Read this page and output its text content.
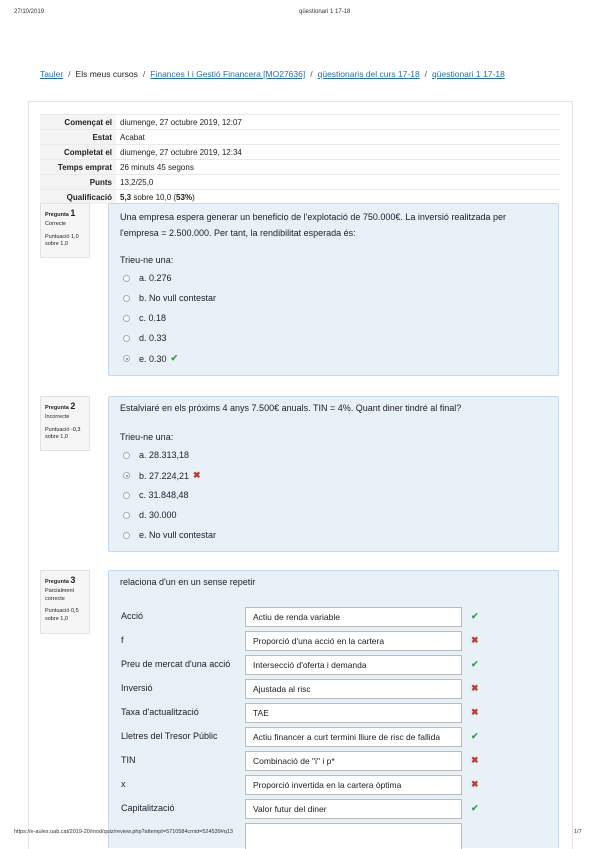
27/10/2019	qüestionari 1 17-18
Tauler / Els meus cursos / Finances I i Gestió Financera [MO27636] / qüestionaris del curs 17-18 / qüestionari 1 17-18
Començat el	diumenge, 27 octubre 2019, 12:07
Estat	Acabat
Completat el	diumenge, 27 octubre 2019, 12:34
Temps emprat	26 minuts 45 segons
Punts	13,2/25,0
Qualificació	5,3 sobre 10,0 (53%)
Pregunta 1
Correcte
Puntuació 1,0 sobre 1,0
Una empresa espera generar un beneficio de l'explotació de 750.000€. La inversió realitzada per l'empresa = 2.500.000. Per tant, la rendibilitat esperada és:
Trieu-ne una:
a. 0.276
b. No vull contestar
c. 0.18
d. 0.33
e. 0.30 ✔
Pregunta 2
Incorrecte
Puntuació -0,3 sobre 1,0
Estalviaré en els próxims 4 anys 7.500€ anuals. TIN = 4%. Quant diner tindré al final?
Trieu-ne una:
a. 28.313,18
b. 27.224,21 ✖
c. 31.848,48
d. 30.000
e. No vull contestar
Pregunta 3
Parcialment correcte
Puntuació 0,5 sobre 1,0
relaciona d'un en un sense repetir
Acció	Actiu de renda variable	✔
f	Proporció d'una acció en la cartera	✖
Preu de mercat d'una acció	Intersecció d'oferta i demanda	✔
Inversió	Ajustada al risc	✖
Taxa d'actualització	TAE	✖
Lletres del Tresor Públic	Actiu financer a curt termini lliure de risc de fallida	✔
TIN	Combinació de "i" i p*	✖
x	Proporció invertida en la cartera òptima	✖
Capitalització	Valor futur del diner	✔
https://e-aules.uab.cat/2019-20/mod/quiz/review.php?attempt=5710584cmid=524539#q13	1/7
